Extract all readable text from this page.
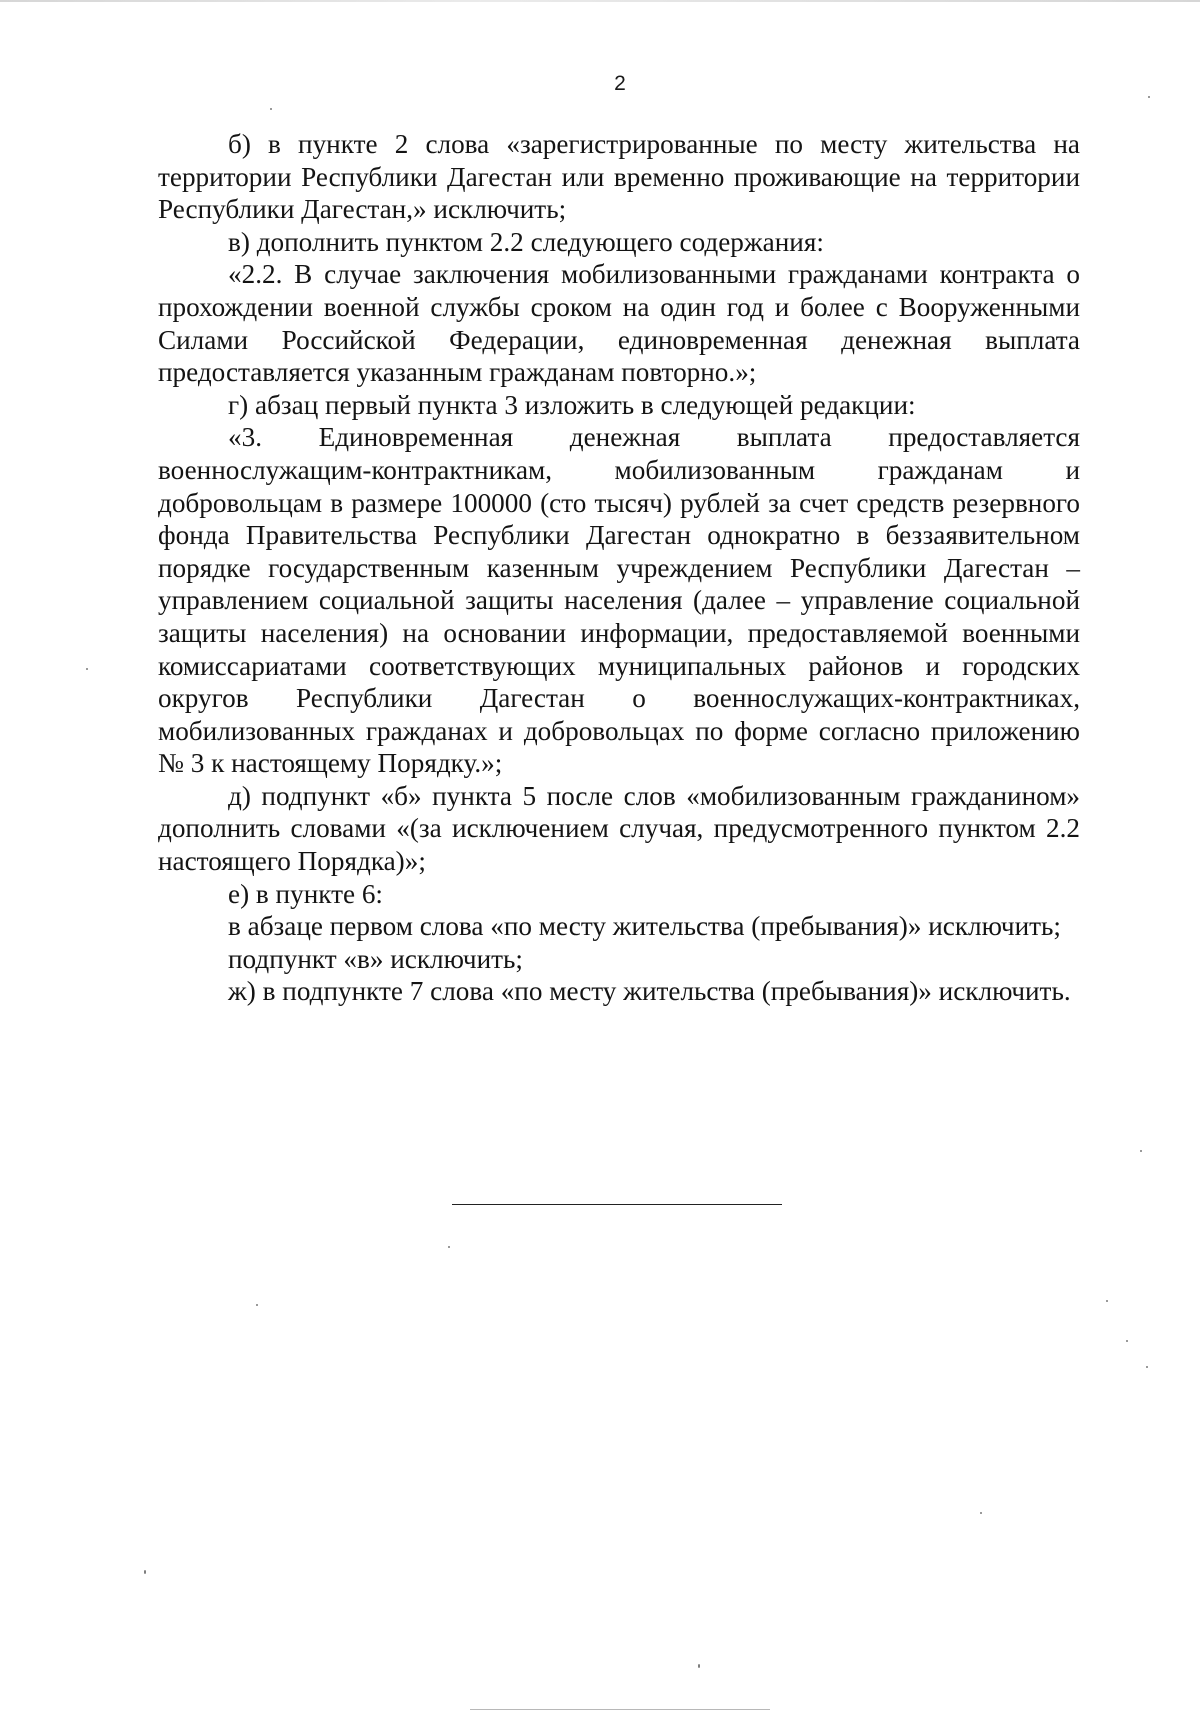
2

б) в пункте 2 слова «зарегистрированные по месту жительства на территории Республики Дагестан или временно проживающие на территории Республики Дагестан,» исключить;

в) дополнить пунктом 2.2 следующего содержания:

«2.2. В случае заключения мобилизованными гражданами контракта о прохождении военной службы сроком на один год и более с Вооруженными Силами Российской Федерации, единовременная денежная выплата предоставляется указанным гражданам повторно.»;

г) абзац первый пункта 3 изложить в следующей редакции:

«3. Единовременная денежная выплата предоставляется военнослужащим-контрактникам, мобилизованным гражданам и добровольцам в размере 100000 (сто тысяч) рублей за счет средств резервного фонда Правительства Республики Дагестан однократно в беззаявительном порядке государственным казенным учреждением Республики Дагестан – управлением социальной защиты населения (далее – управление социальной защиты населения) на основании информации, предоставляемой военными комиссариатами соответствующих муниципальных районов и городских округов Республики Дагестан о военнослужащих-контрактниках, мобилизованных гражданах и добровольцах по форме согласно приложению № 3 к настоящему Порядку.»;

д) подпункт «б» пункта 5 после слов «мобилизованным гражданином» дополнить словами «(за исключением случая, предусмотренного пунктом 2.2 настоящего Порядка)»;

е) в пункте 6:

в абзаце первом слова «по месту жительства (пребывания)» исключить;

подпункт «в» исключить;

ж) в подпункте 7 слова «по месту жительства (пребывания)» исключить.
